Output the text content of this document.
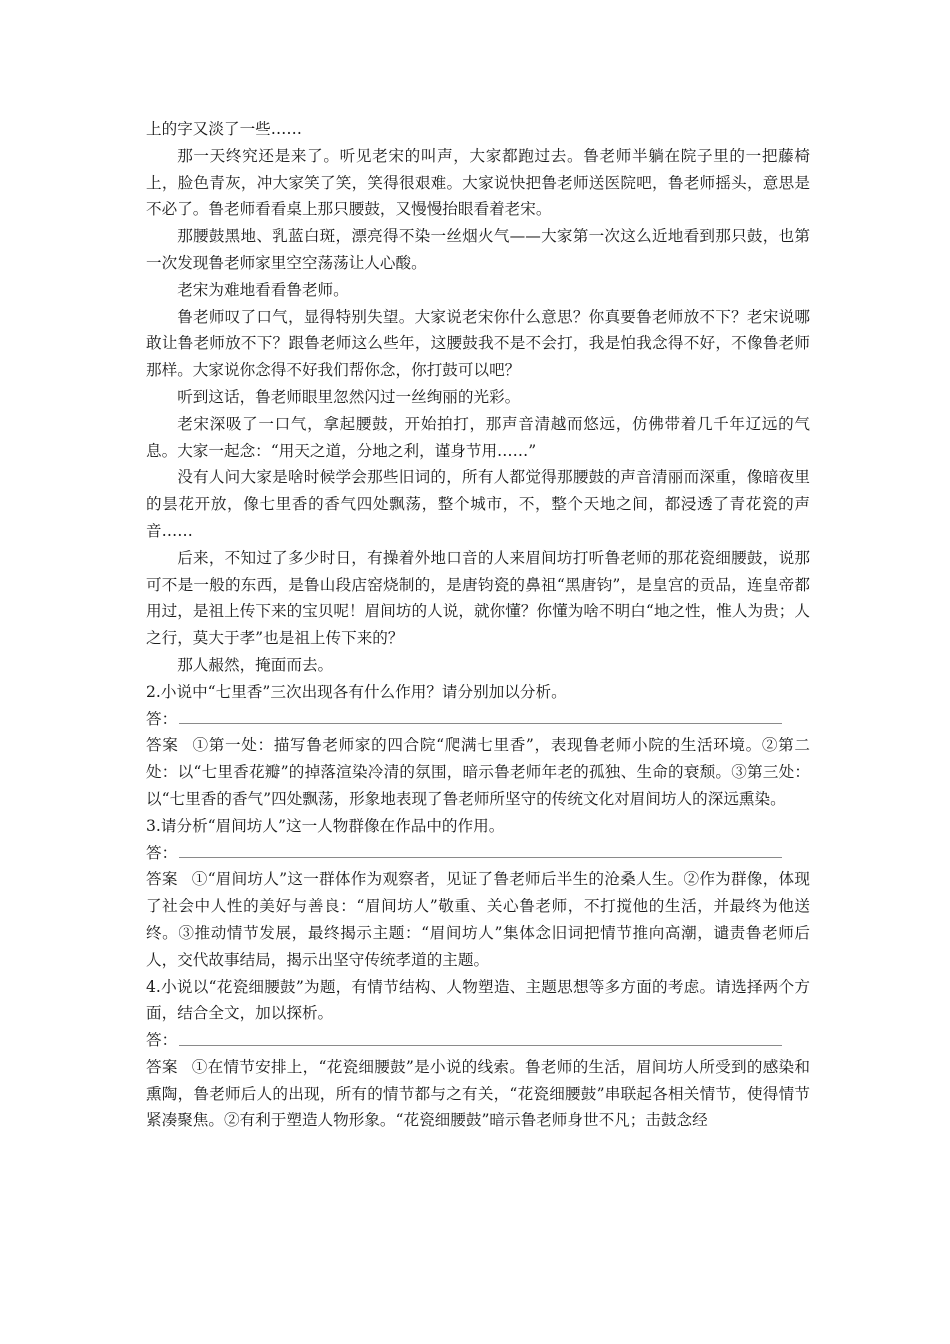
上的字又淡了一些……

那一天终究还是来了。听见老宋的叫声，大家都跑过去。鲁老师半躺在院子里的一把藤椅上，脸色青灰，冲大家笑了笑，笑得很艰难。大家说快把鲁老师送医院吧，鲁老师摇头，意思是不必了。鲁老师看看桌上那只腰鼓，又慢慢抬眼看着老宋。

那腰鼓黑地、乳蓝白斑，漂亮得不染一丝烟火气——大家第一次这么近地看到那只鼓，也第一次发现鲁老师家里空空荡荡让人心酸。

老宋为难地看看鲁老师。

鲁老师叹了口气，显得特别失望。大家说老宋你什么意思？你真要鲁老师放不下？老宋说哪敢让鲁老师放不下？跟鲁老师这么些年，这腰鼓我不是不会打，我是怕我念得不好，不像鲁老师那样。大家说你念得不好我们帮你念，你打鼓可以吧？

听到这话，鲁老师眼里忽然闪过一丝绚丽的光彩。

老宋深吸了一口气，拿起腰鼓，开始拍打，那声音清越而悠远，仿佛带着几千年辽远的气息。大家一起念：“用天之道，分地之利，谨身节用……”

没有人问大家是啥时候学会那些旧词的，所有人都觉得那腰鼓的声音清丽而深重，像暗夜里的昙花开放，像七里香的香气四处飘荡，整个城市，不，整个天地之间，都浸透了青花瓷的声音……

后来，不知过了多少时日，有操着外地口音的人来眉间坊打听鲁老师的那花瓷细腰鼓，说那可不是一般的东西，是鲁山段店窑烧制的，是唐钧瓷的鼻祖“黑唐钧”，是皇宫的贡品，连皇帝都用过，是祖上传下来的宝贝呢！眉间坊的人说，就你懂？你懂为啥不明白“地之性，惟人为贵；人之行，莫大于孝”也是祖上传下来的？

那人赧然，掩面而去。

2.小说中“七里香”三次出现各有什么作用？请分别加以分析。

答：

答案 ①第一处：描写鲁老师家的四合院“爬满七里香”，表现鲁老师小院的生活环境。②第二处：以“七里香花瓣”的掉落渲染冷清的氛围，暗示鲁老师年老的孤独、生命的衰颓。③第三处：以“七里香的香气”四处飘荡，形象地表现了鲁老师所坚守的传统文化对眉间坊人的深远熏染。

3.请分析“眉间坊人”这一人物群像在作品中的作用。

答：

答案 ①“眉间坊人”这一群体作为观察者，见证了鲁老师后半生的沧桑人生。②作为群像，体现了社会中人性的美好与善良：“眉间坊人”敬重、关心鲁老师，不打搅他的生活，并最终为他送终。③推动情节发展，最终揭示主题：“眉间坊人”集体念旧词把情节推向高潮，谴责鲁老师后人，交代故事结局，揭示出坚守传统孝道的主题。

4.小说以“花瓷细腰鼓”为题，有情节结构、人物塑造、主题思想等多方面的考虑。请选择两个方面，结合全文，加以探析。

答：

答案 ①在情节安排上，“花瓷细腰鼓”是小说的线索。鲁老师的生活，眉间坊人所受到的感染和熏陶，鲁老师后人的出现，所有的情节都与之有关，“花瓷细腰鼓”串联起各相关情节，使得情节紧凑聚焦。②有利于塑造人物形象。“花瓷细腰鼓”暗示鲁老师身世不凡；击鼓念经
